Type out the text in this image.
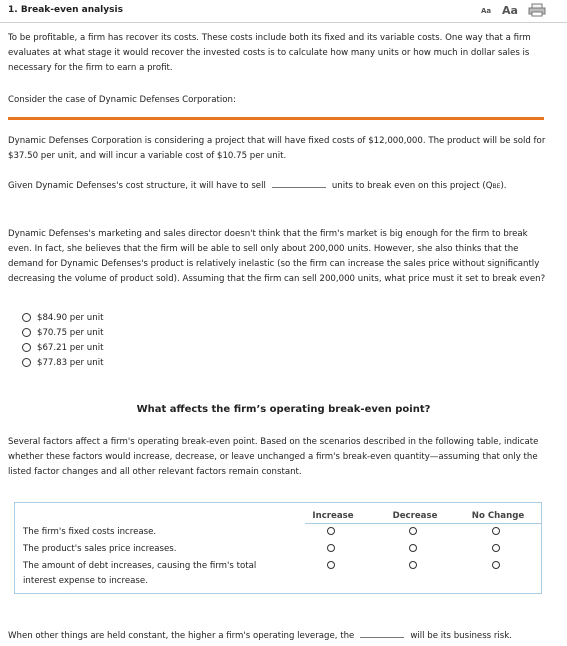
1. Break-even analysis	Aa Aa
To be profitable, a firm has recover its costs. These costs include both its fixed and its variable costs. One way that a firm evaluates at what stage it would recover the invested costs is to calculate how many units or how much in dollar sales is necessary for the firm to earn a profit.
Consider the case of Dynamic Defenses Corporation:
Dynamic Defenses Corporation is considering a project that will have fixed costs of $12,000,000. The product will be sold for $37.50 per unit, and will incur a variable cost of $10.75 per unit.
Given Dynamic Defenses's cost structure, it will have to sell	units to break even on this project (QBE).
Dynamic Defenses's marketing and sales director doesn't think that the firm's market is big enough for the firm to break even. In fact, she believes that the firm will be able to sell only about 200,000 units. However, she also thinks that the demand for Dynamic Defenses's product is relatively inelastic (so the firm can increase the sales price without significantly decreasing the volume of product sold). Assuming that the firm can sell 200,000 units, what price must it set to break even?
$84.90 per unit
$70.75 per unit
$67.21 per unit
$77.83 per unit
What affects the firm’s operating break-even point?
Several factors affect a firm's operating break-even point. Based on the scenarios described in the following table, indicate whether these factors would increase, decrease, or leave unchanged a firm's break-even quantity—assuming that only the listed factor changes and all other relevant factors remain constant.
Increase	Decrease	No Change
The firm's fixed costs increase.
The product's sales price increases.
The amount of debt increases, causing the firm's total interest expense to increase.
When other things are held constant, the higher a firm's operating leverage, the	will be its business risk.
